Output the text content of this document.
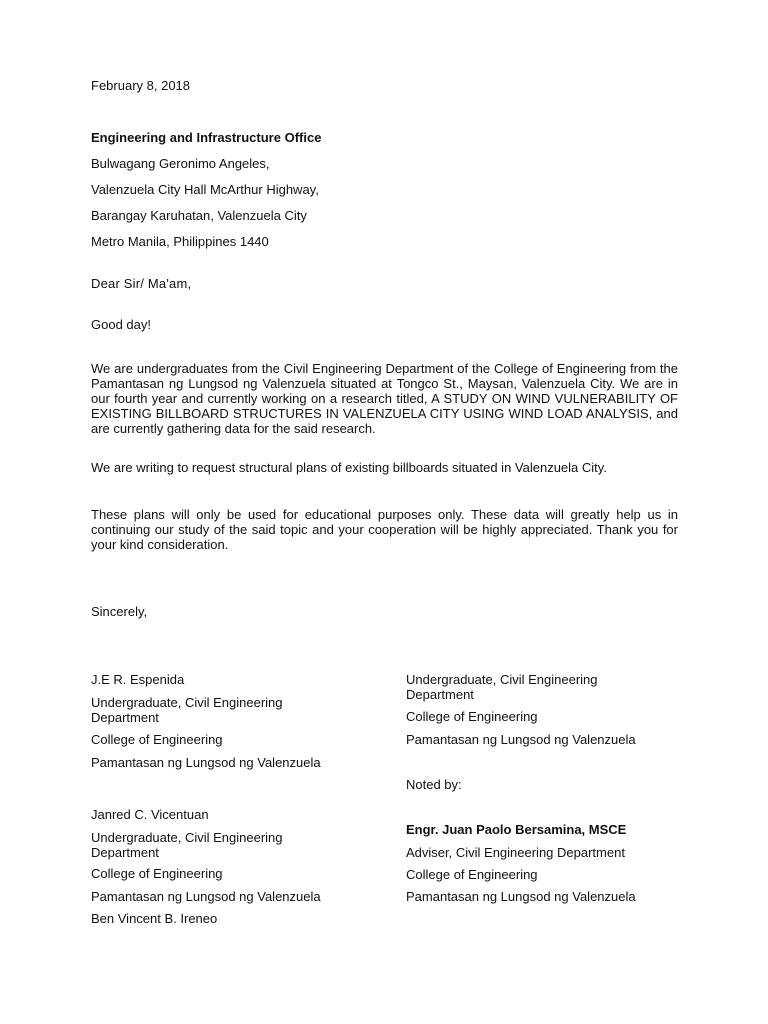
February 8, 2018
Engineering and Infrastructure Office
Bulwagang Geronimo Angeles,
Valenzuela City Hall McArthur Highway,
Barangay Karuhatan, Valenzuela City
Metro Manila, Philippines 1440
Dear Sir/ Ma'am,
Good day!
We are undergraduates from the Civil Engineering Department of the College of Engineering from the Pamantasan ng Lungsod ng Valenzuela situated at Tongco St., Maysan, Valenzuela City. We are in our fourth year and currently working on a research titled, A STUDY ON WIND VULNERABILITY OF EXISTING BILLBOARD STRUCTURES IN VALENZUELA CITY USING WIND LOAD ANALYSIS, and are currently gathering data for the said research.
We are writing to request structural plans of existing billboards situated in Valenzuela City.
These plans will only be used for educational purposes only. These data will greatly help us in continuing our study of the said topic and your cooperation will be highly appreciated. Thank you for your kind consideration.
Sincerely,
J.E R. Espenida
Undergraduate, Civil Engineering Department
College of Engineering
Pamantasan ng Lungsod ng Valenzuela
Janred C. Vicentuan
Undergraduate, Civil Engineering Department
College of Engineering
Pamantasan ng Lungsod ng Valenzuela
Ben Vincent B. Ireneo
Undergraduate, Civil Engineering Department
College of Engineering
Pamantasan ng Lungsod ng Valenzuela
Noted by:
Engr. Juan Paolo Bersamina, MSCE
Adviser, Civil Engineering Department
College of Engineering
Pamantasan ng Lungsod ng Valenzuela
